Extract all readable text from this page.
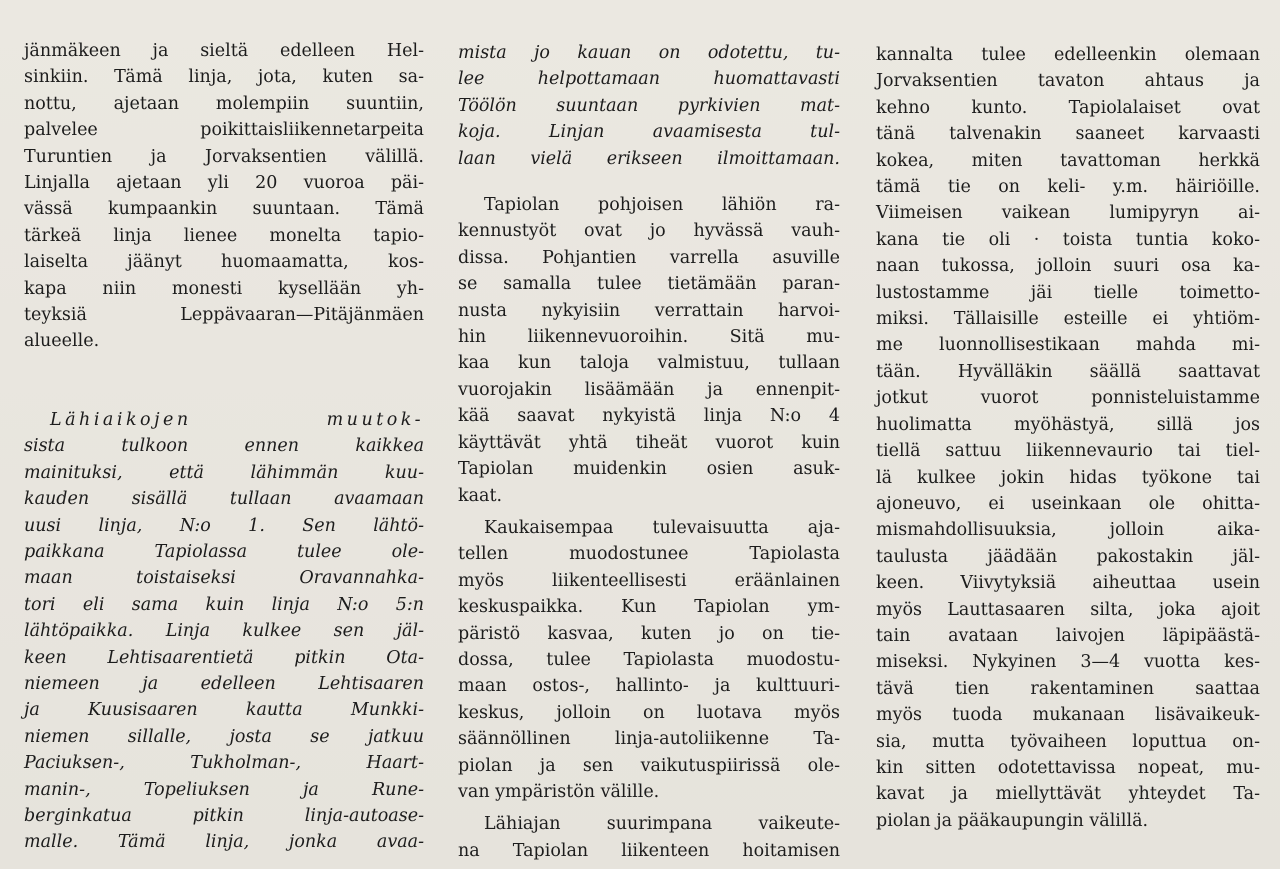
jänmäkeen ja sieltä edelleen Hel-
sinkiin. Tämä linja, jota, kuten sa-
nottu, ajetaan molempiin suuntiin,
palvelee poikittaisliikennetarpeita
Turuntien ja Jorvaksentien välillä.
Linjalla ajetaan yli 20 vuoroa päi-
vässä kumpaankin suuntaan. Tämä
tärkeä linja lienee monelta tapio-
laiselta jäänyt huomaamatta, kos-
kapa niin monesti kysellään yh-
teyksiä Leppävaaran—Pitäjänmäen
alueelle.
Lähiaikojen muutok-
sista tulkoon ennen kaikkea
mainituksi, että lähimmän kuu-
kauden sisällä tullaan avaamaan
uusi linja, N:o 1. Sen lähtö-
paikkana Tapiolassa tulee ole-
maan toistaiseksi Oravannahka-
tori eli sama kuin linja N:o 5:n
lähtöpaikka. Linja kulkee sen jäl-
keen Lehtisaarentietä pitkin Ota-
niemeen ja edelleen Lehtisaaren
ja Kuusisaaren kautta Munkki-
niemen sillalle, josta se jatkuu
Paciuksen-, Tukholman-, Haart-
manin-, Topeliuksen ja Rune-
berginkatua pitkin linja-autoase-
malle. Tämä linja, jonka avaa-
mista jo kauan on odotettu, tu-
lee helpottamaan huomattavasti
Töölön suuntaan pyrkivien mat-
koja. Linjan avaamisesta tul-
laan vielä erikseen ilmoittamaan.
Tapiolan pohjoisen lähiön ra-
kennustyöt ovat jo hyvässä vauh-
dissa. Pohjantien varrella asuville
se samalla tulee tietämään paran-
nusta nykyisiin verrattain harvoi-
hin liikennevuoroihin. Sitä mu-
kaa kun taloja valmistuu, tullaan
vuorojakin lisäämään ja ennenpit-
kää saavat nykyistä linja N:o 4
käyttävät yhtä tiheät vuorot kuin
Tapiolan muidenkin osien asuk-
kaat.
Kaukaisempaa tulevaisuutta aja-
tellen muodostunee Tapiolasta
myös liikenteellisesti eräänlainen
keskuspaikka. Kun Tapiolan ym-
päristö kasvaa, kuten jo on tie-
dossa, tulee Tapiolasta muodostu-
maan ostos-, hallinto- ja kulttuuri-
keskus, jolloin on luotava myös
säännöllinen linja-autoliikenne Ta-
piolan ja sen vaikutuspiirissä ole-
van ympäristön välille.
Lähiajan suurimpana vaikeute-
na Tapiolan liikenteen hoitamisen
kannalta tulee edelleenkin olemaan
Jorvaksentien tavaton ahtaus ja
kehno kunto. Tapiolalaiset ovat
tänä talvenakin saaneet karvaasti
kokea, miten tavattoman herkkä
tämä tie on keli- y.m. häiriöille.
Viimeisen vaikean lumipyryn ai-
kana tie oli · toista tuntia koko-
naan tukossa, jolloin suuri osa ka-
lustostamme jäi tielle toimetto-
miksi. Tällaisille esteille ei yhtiöm-
me luonnollisestikaan mahda mi-
tään. Hyvälläkin säällä saattavat
jotkut vuorot ponnisteluistamme
huolimatta myöhästyä, sillä jos
tiellä sattuu liikennevaurio tai tiel-
lä kulkee jokin hidas työkone tai
ajoneuvo, ei useinkaan ole ohitta-
mismahdollisuuksia, jolloin aika-
taulusta jäädään pakostakin jäl-
keen. Viivytyksiä aiheuttaa usein
myös Lauttasaaren silta, joka ajoit
tain avataan laivojen läpipäästä-
miseksi. Nykyinen 3—4 vuotta kes-
tävä tien rakentaminen saattaa
myös tuoda mukanaan lisävaikeuk-
sia, mutta työvaiheen loputtua on-
kin sitten odotettavissa nopeat, mu-
kavat ja miellyttävät yhteydet Ta-
piolan ja pääkaupungin välillä.
